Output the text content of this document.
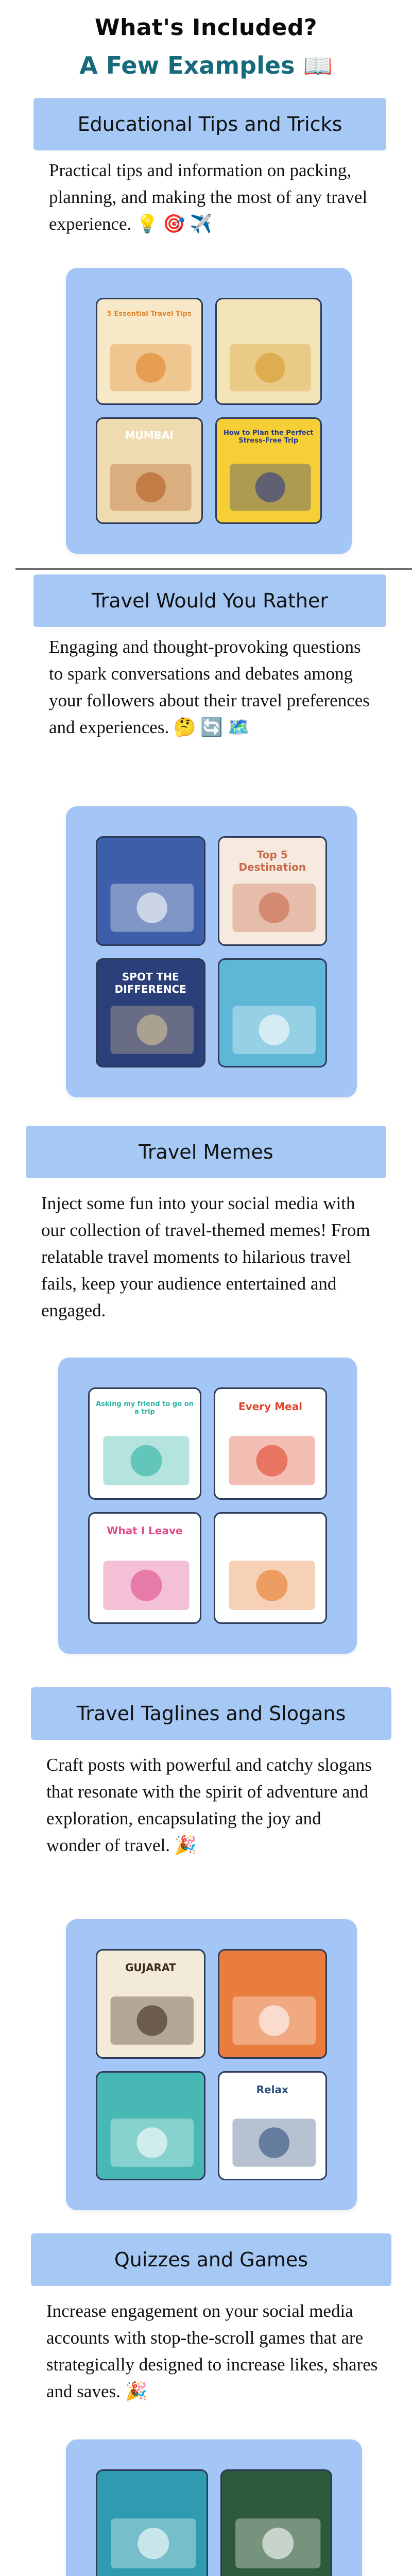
What's Included?
A Few Examples 📖
Educational Tips and Tricks

Practical tips and information on packing, planning, and making the most of any travel experience. 💡 🎯 ✈️

5 Essential Travel Tips
MUMBAI	How to Plan the Perfect Stress-Free Trip
Travel Would You Rather

Engaging and thought-provoking questions to spark conversations and debates among your followers about their travel preferences and experiences. 🤔 🔄 🗺️

Top 5 Destination
SPOT THE DIFFERENCE
Travel Memes

Inject some fun into your social media with our collection of travel-themed memes! From relatable travel moments to hilarious travel fails, keep your audience entertained and engaged.

Asking my friend to go on a trip	Every Meal
What I Leave
Travel Taglines and Slogans

Craft posts with powerful and catchy slogans that resonate with the spirit of adventure and exploration, encapsulating the joy and wonder of travel. 🎉

GUJARAT
Relax
Quizzes and Games

Increase engagement on your social media accounts with stop-the-scroll games that are strategically designed to increase likes, shares and saves. 🎉
